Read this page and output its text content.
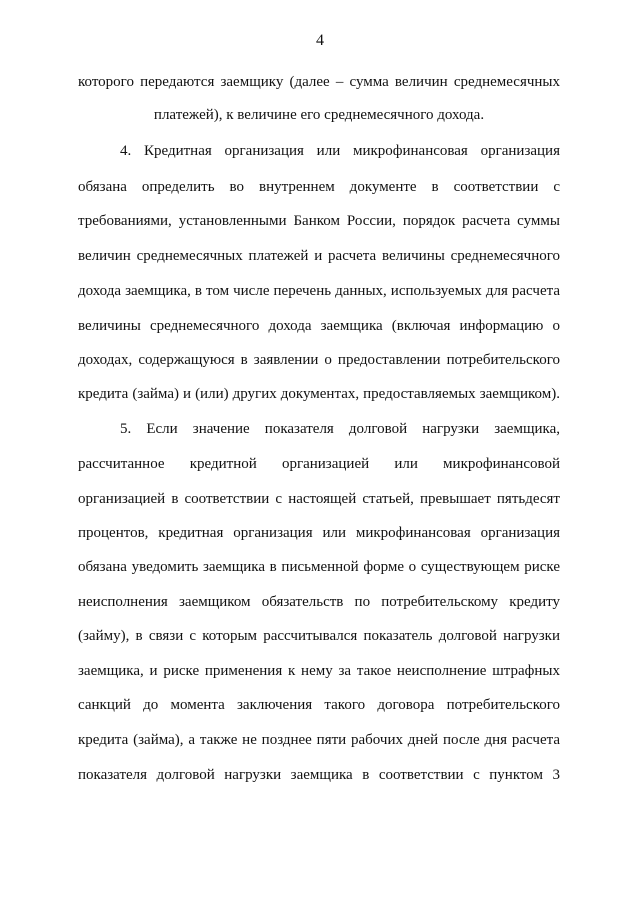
4
которого передаются заемщику (далее – сумма величин среднемесячных
платежей), к величине его среднемесячного дохода.
4. Кредитная организация или микрофинансовая организация
обязана определить во внутреннем документе в соответствии с
требованиями, установленными Банком России, порядок расчета суммы
величин среднемесячных платежей и расчета величины среднемесячного
дохода заемщика, в том числе перечень данных, используемых для расчета
величины среднемесячного дохода заемщика (включая информацию о
доходах, содержащуюся в заявлении о предоставлении потребительского
кредита (займа) и (или) других документах, предоставляемых заемщиком).
5. Если значение показателя долговой нагрузки заемщика,
рассчитанное кредитной организацией или микрофинансовой
организацией в соответствии с настоящей статьей, превышает пятьдесят
процентов, кредитная организация или микрофинансовая организация
обязана уведомить заемщика в письменной форме о существующем риске
неисполнения заемщиком обязательств по потребительскому кредиту
(займу), в связи с которым рассчитывался показатель долговой нагрузки
заемщика, и риске применения к нему за такое неисполнение штрафных
санкций до момента заключения такого договора потребительского
кредита (займа), а также не позднее пяти рабочих дней после дня расчета
показателя долговой нагрузки заемщика в соответствии с пунктом 3
